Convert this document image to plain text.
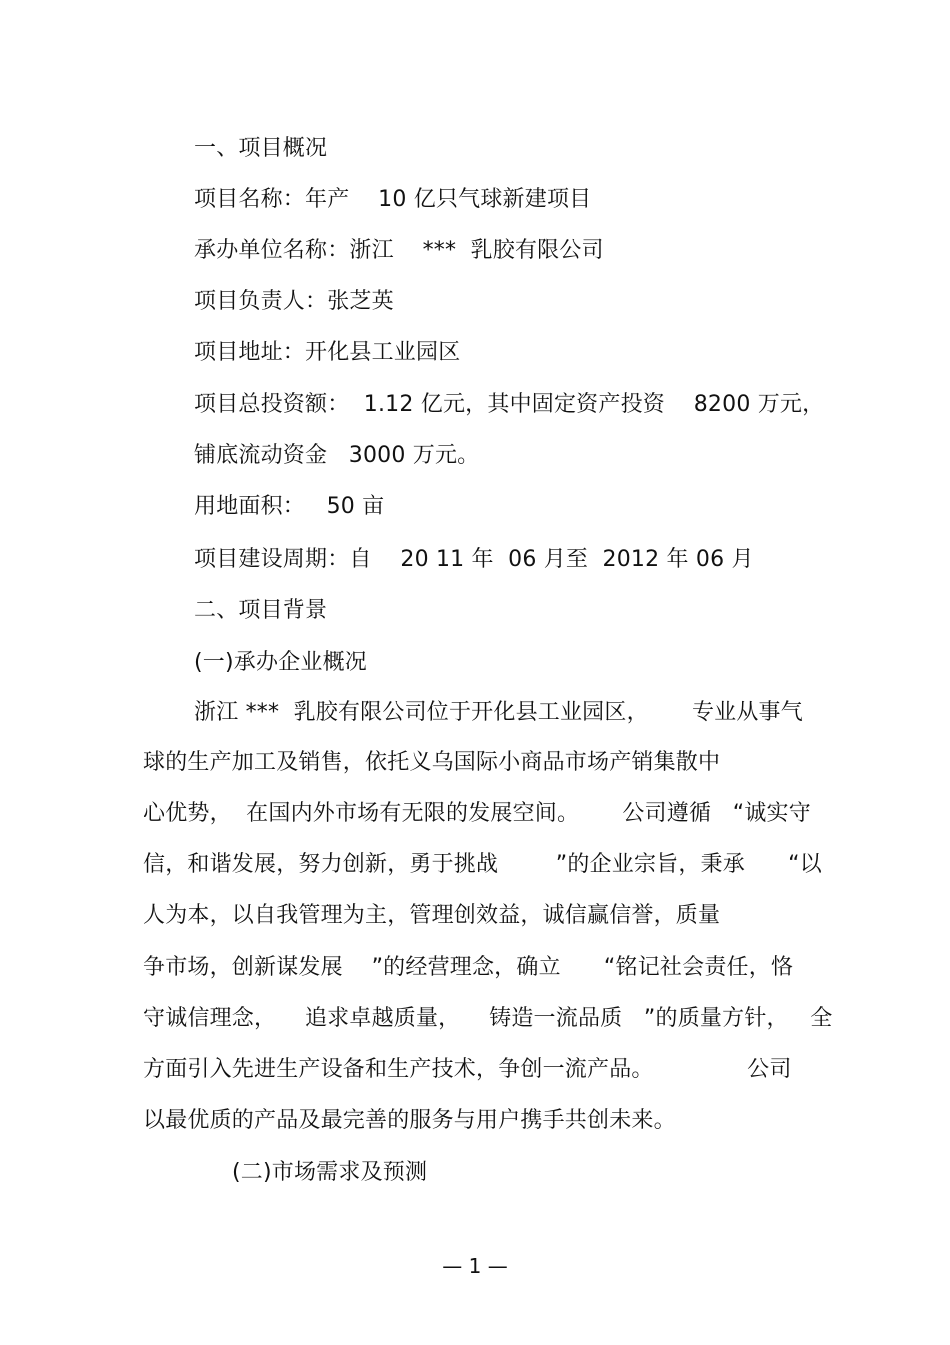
一、项目概况
项目名称：年产    10 亿只气球新建项目
承办单位名称：浙江    ***  乳胶有限公司
项目负责人：张芝英
项目地址：开化县工业园区
项目总投资额：  1.12 亿元，其中固定资产投资    8200 万元，
铺底流动资金   3000 万元。
用地面积：   50 亩
项目建设周期：自    20 11 年  06 月至  2012 年 06 月
二、项目背景
(一)承办企业概况
浙江 ***  乳胶有限公司位于开化县工业园区，      专业从事气
球的生产加工及销售，依托义乌国际小商品市场产销集散中
心优势，  在国内外市场有无限的发展空间。      公司遵循   “诚实守
信，和谐发展，努力创新，勇于挑战        ”的企业宗旨，秉承      “以
人为本，以自我管理为主，管理创效益，诚信赢信誉，质量
争市场，创新谋发展    ”的经营理念，确立      “铭记社会责任，恪
守诚信理念，    追求卓越质量，    铸造一流品质   ”的质量方针，   全
方面引入先进生产设备和生产技术，争创一流产品。             公司
以最优质的产品及最完善的服务与用户携手共创未来。
(二)市场需求及预测
— 1 —
